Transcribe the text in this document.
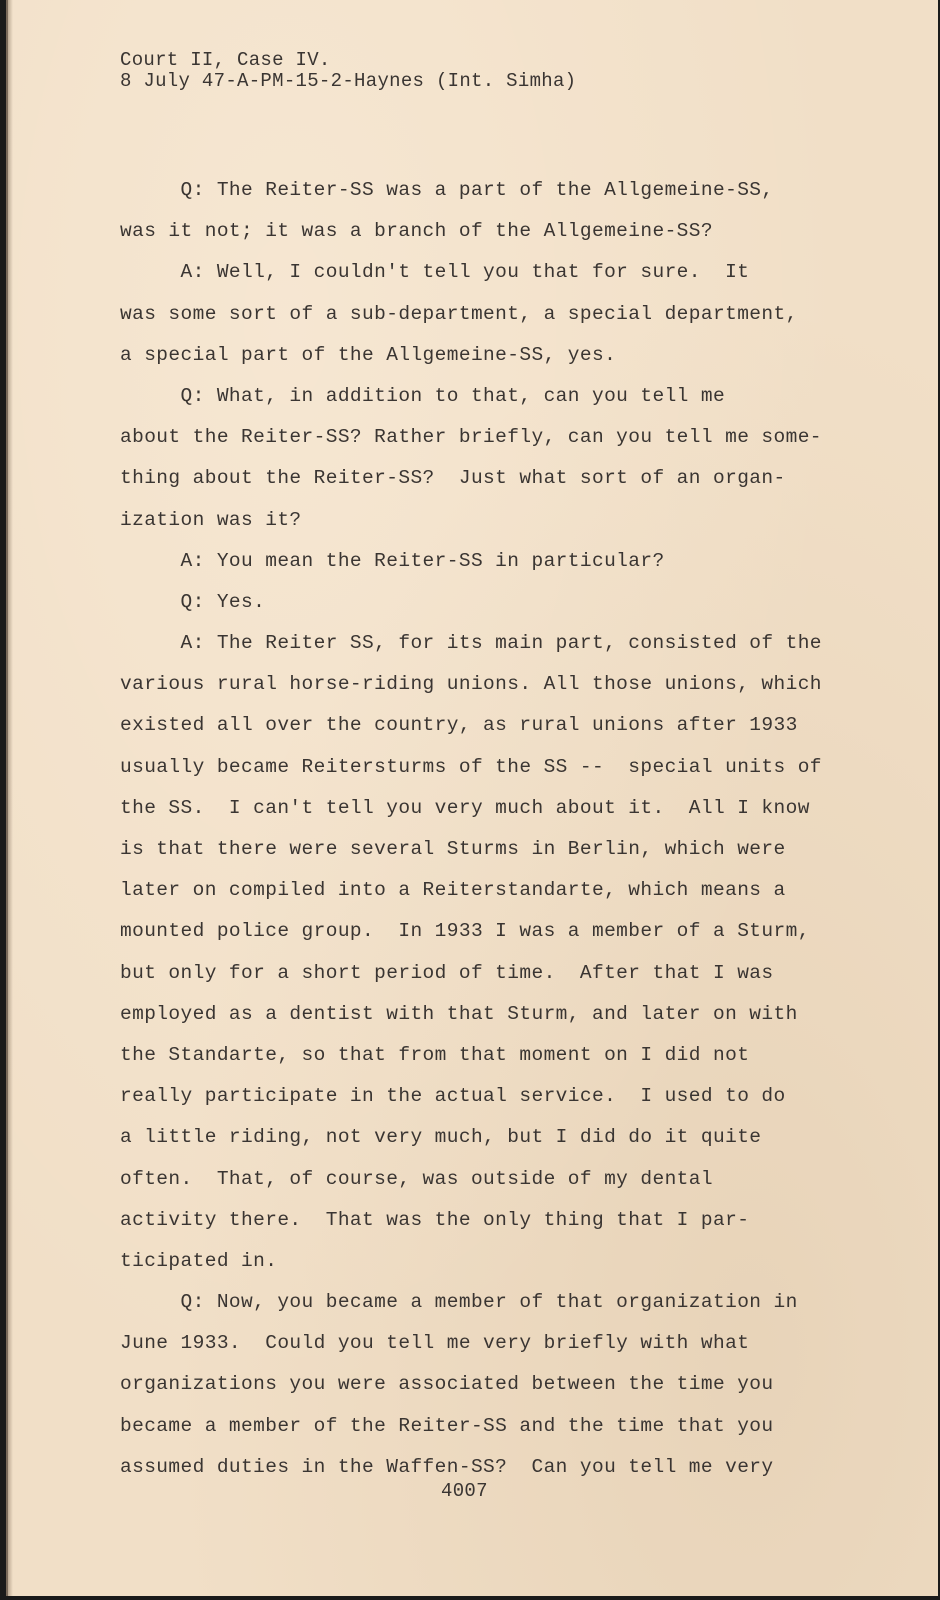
Court II, Case IV.
8 July 47-A-PM-15-2-Haynes (Int. Simha)
Q: The Reiter-SS was a part of the Allgemeine-SS,
was it not; it was a branch of the Allgemeine-SS?
A: Well, I couldn't tell you that for sure.  It
was some sort of a sub-department, a special department,
a special part of the Allgemeine-SS, yes.
Q: What, in addition to that, can you tell me
about the Reiter-SS? Rather briefly, can you tell me some-
thing about the Reiter-SS?  Just what sort of an organ-
ization was it?
A: You mean the Reiter-SS in particular?
Q: Yes.
A: The Reiter SS, for its main part, consisted of the
various rural horse-riding unions. All those unions, which
existed all over the country, as rural unions after 1933
usually became Reitersturms of the SS --  special units of
the SS.  I can't tell you very much about it.  All I know
is that there were several Sturms in Berlin, which were
later on compiled into a Reiterstandarte, which means a
mounted police group.  In 1933 I was a member of a Sturm,
but only for a short period of time.  After that I was
employed as a dentist with that Sturm, and later on with
the Standarte, so that from that moment on I did not
really participate in the actual service.  I used to do
a little riding, not very much, but I did do it quite
often.  That, of course, was outside of my dental
activity there.  That was the only thing that I par-
ticipated in.
Q: Now, you became a member of that organization in
June 1933.  Could you tell me very briefly with what
organizations you were associated between the time you
became a member of the Reiter-SS and the time that you
assumed duties in the Waffen-SS?  Can you tell me very
4007
